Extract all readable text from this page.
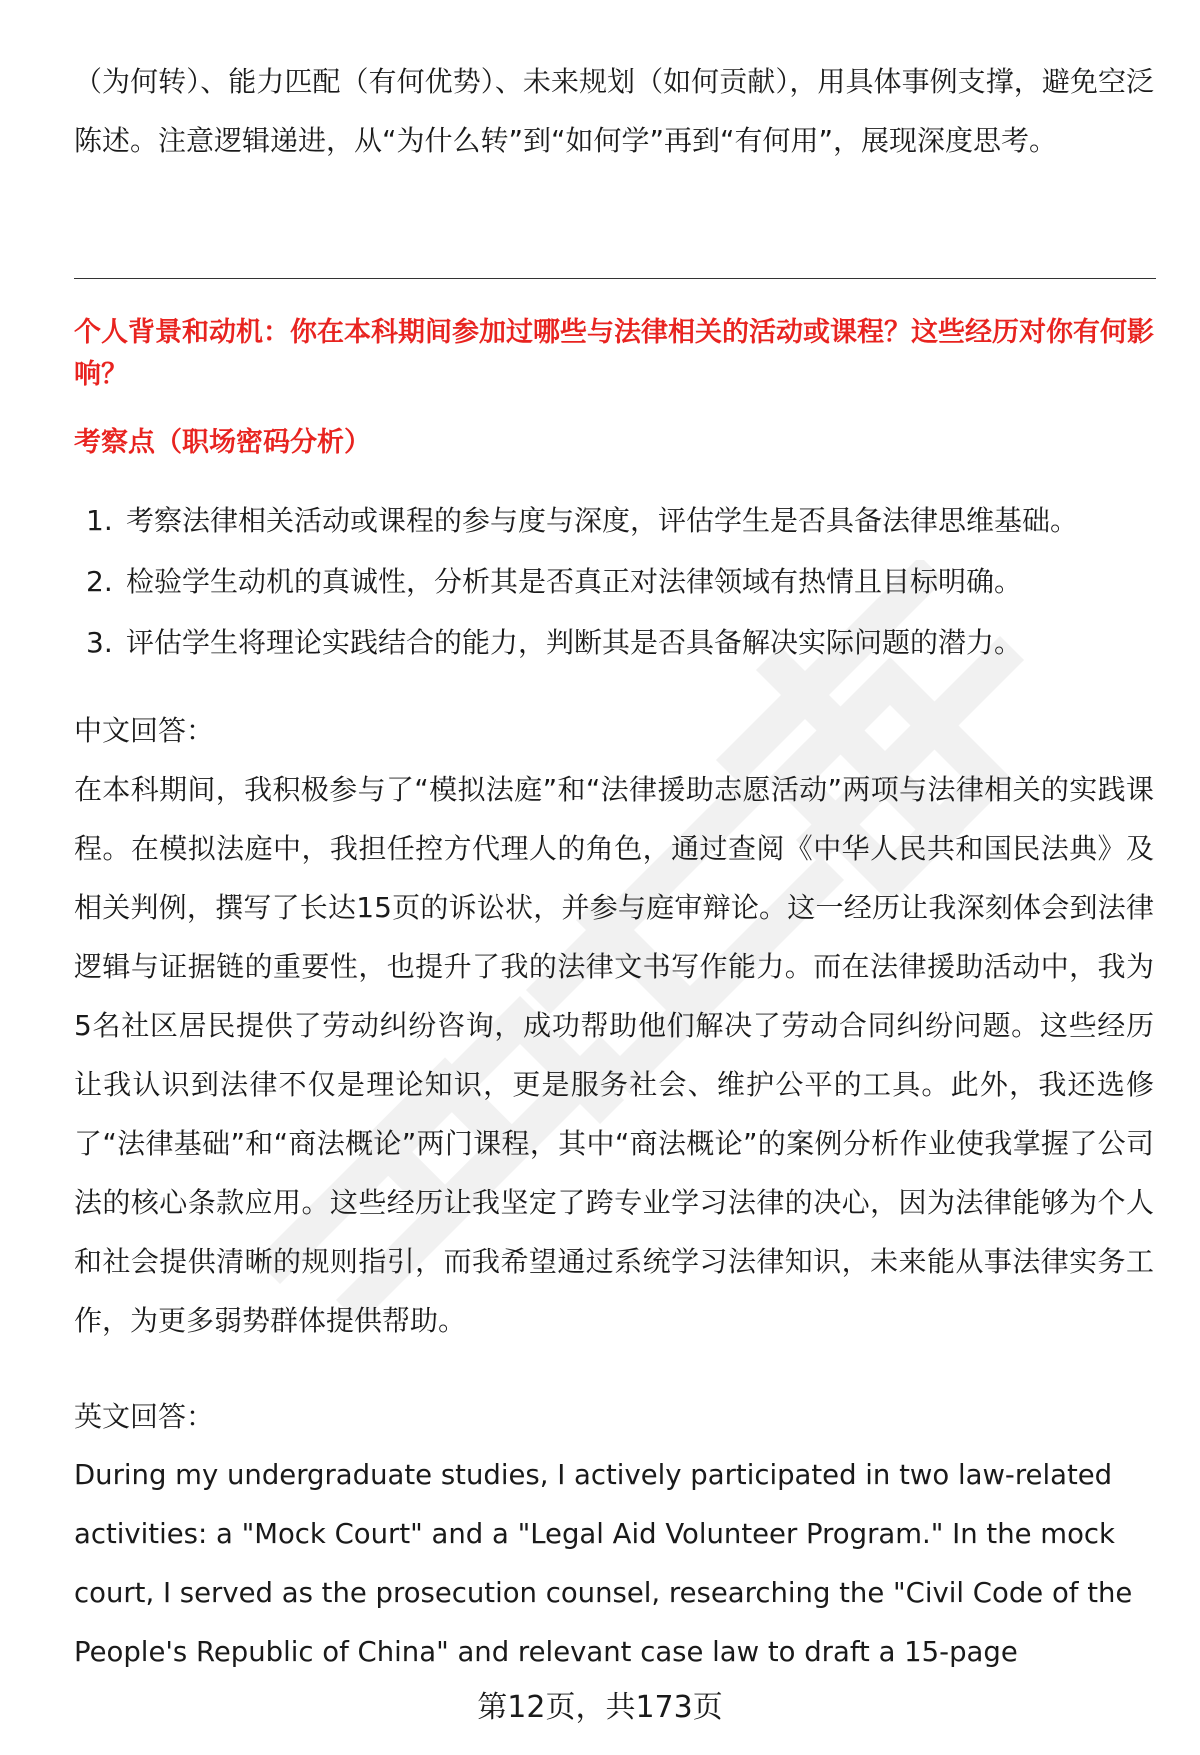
（为何转）、能力匹配（有何优势）、未来规划（如何贡献），用具体事例支撑，避免空泛陈述。注意逻辑递进，从“为什么转”到“如何学”再到“有何用”，展现深度思考。

个人背景和动机：你在本科期间参加过哪些与法律相关的活动或课程？这些经历对你有何影响？
考察点（职场密码分析）
1. 考察法律相关活动或课程的参与度与深度，评估学生是否具备法律思维基础。
2. 检验学生动机的真诚性，分析其是否真正对法律领域有热情且目标明确。
3. 评估学生将理论实践结合的能力，判断其是否具备解决实际问题的潜力。

中文回答：

在本科期间，我积极参与了“模拟法庭”和“法律援助志愿活动”两项与法律相关的实践课程。在模拟法庭中，我担任控方代理人的角色，通过查阅《中华人民共和国民法典》及相关判例，撰写了长达15页的诉讼状，并参与庭审辩论。这一经历让我深刻体会到法律逻辑与证据链的重要性，也提升了我的法律文书写作能力。而在法律援助活动中，我为5名社区居民提供了劳动纠纷咨询，成功帮助他们解决了劳动合同纠纷问题。这些经历让我认识到法律不仅是理论知识，更是服务社会、维护公平的工具。此外，我还选修了“法律基础”和“商法概论”两门课程，其中“商法概论”的案例分析作业使我掌握了公司法的核心条款应用。这些经历让我坚定了跨专业学习法律的决心，因为法律能够为个人和社会提供清晰的规则指引，而我希望通过系统学习法律知识，未来能从事法律实务工作，为更多弱势群体提供帮助。

英文回答：

During my undergraduate studies, I actively participated in two law-related activities: a "Mock Court" and a "Legal Aid Volunteer Program." In the mock court, I served as the prosecution counsel, researching the "Civil Code of the People's Republic of China" and relevant case law to draft a 15-page

第12页，共173页
